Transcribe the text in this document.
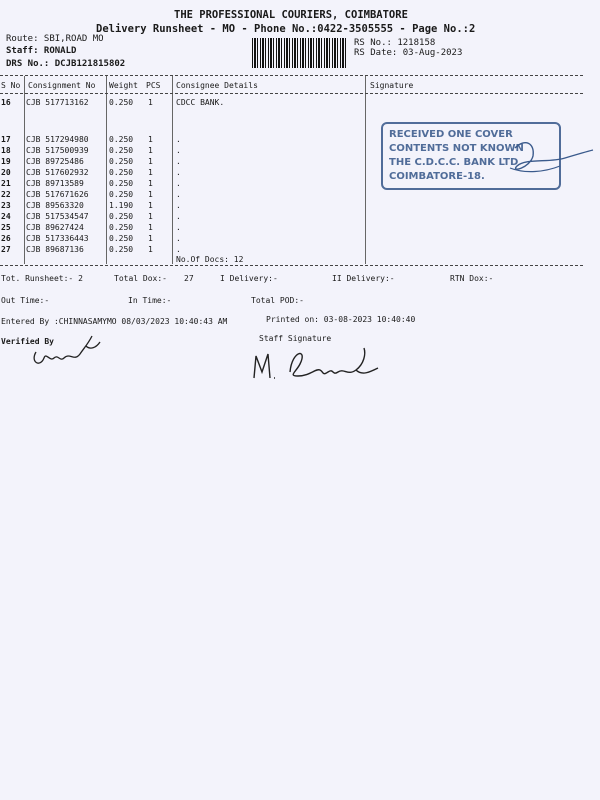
THE PROFESSIONAL COURIERS, COIMBATORE
Delivery Runsheet - MO - Phone No.:0422-3505555 - Page No.:2
Route: SBI,ROAD MO
Staff: RONALD
DRS No.: DCJB121815802
RS No.: 1218158
RS Date: 03-Aug-2023
S No Consignment No Weight PCS Consignee Details	Signature
16 CJB 517713162	0.250 1	CDCC BANK.
17 CJB 517294980	0.250 1	.
18 CJB 517500939	0.250 1	.
19 CJB 89725486	0.250 1	.
20 CJB 517602932	0.250 1	.
21 CJB 89713589	0.250 1	.
22 CJB 517671626	0.250 1	.
23 CJB 89563320	1.190 1	.
24 CJB 517534547	0.250 1	.
25 CJB 89627424	0.250 1	.
26 CJB 517336443	0.250 1	.
27 CJB 89687136	0.250 1	.
No.Of Docs: 12
RECEIVED ONE COVER
CONTENTS NOT KNOWN
THE C.D.C.C. BANK LTD
COIMBATORE-18.
Tot. Runsheet:- 2	Total Dox:- 27	I Delivery:-	II Delivery:-	RTN Dox:-
Out Time:-	In Time:-	Total POD:-
Entered By :CHINNASAMYMO 08/03/2023 10:40:43 AM	Printed on: 03-08-2023 10:40:40
Verified By	Staff Signature
